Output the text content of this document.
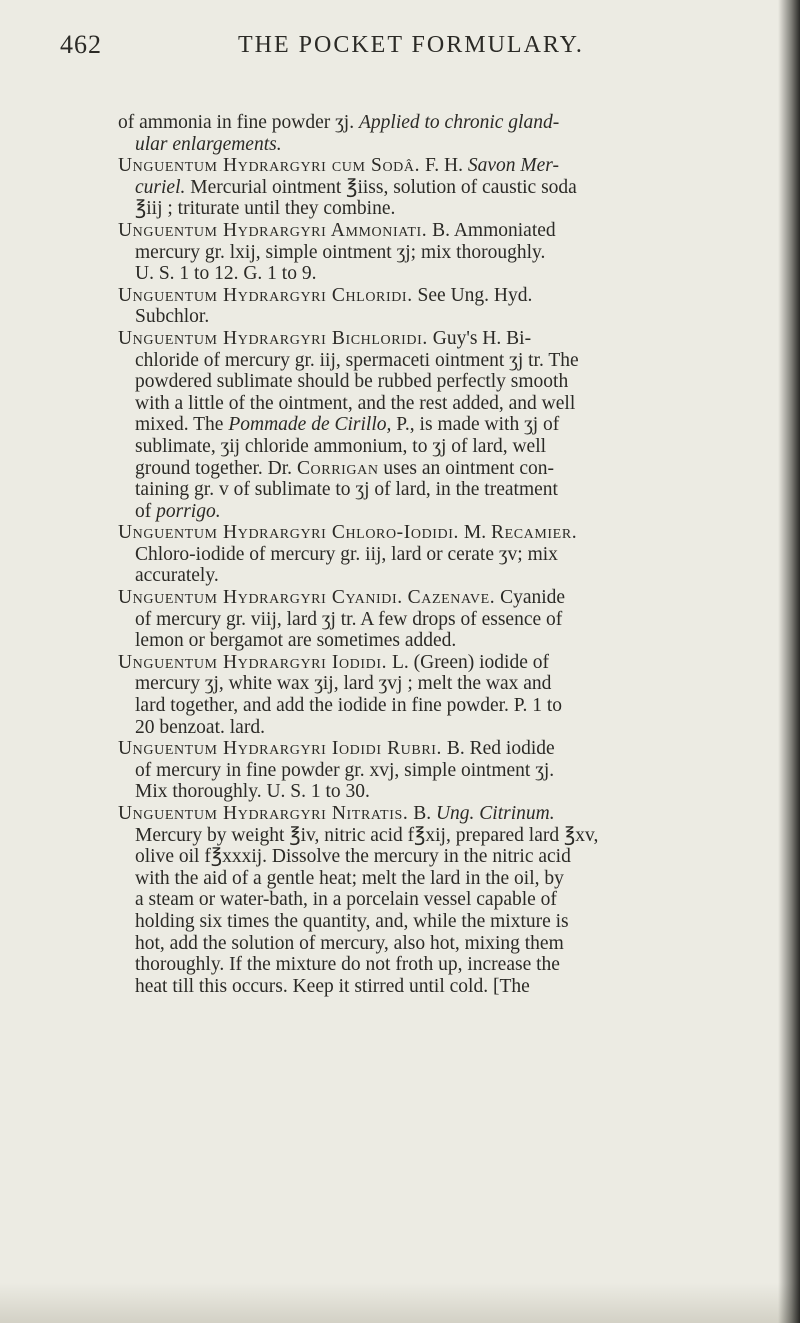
462	THE POCKET FORMULARY.
of ammonia in fine powder ʒj. Applied to chronic gland-
ular enlargements.
Unguentum Hydrargyri cum Sodâ. F. H. Savon Mer-
curiel. Mercurial ointment ℥iiss, solution of caustic soda
℥iij ; triturate until they combine.
Unguentum Hydrargyri Ammoniati. B. Ammoniated
mercury gr. lxij, simple ointment ʒj; mix thoroughly.
U. S. 1 to 12. G. 1 to 9.
Unguentum Hydrargyri Chloridi. See Ung. Hyd.
Subchlor.
Unguentum Hydrargyri Bichloridi. Guy's H. Bi-
chloride of mercury gr. iij, spermaceti ointment ʒj tr. The
powdered sublimate should be rubbed perfectly smooth
with a little of the ointment, and the rest added, and well
mixed. The Pommade de Cirillo, P., is made with ʒj of
sublimate, ʒij chloride ammonium, to ʒj of lard, well
ground together. Dr. Corrigan uses an ointment con-
taining gr. v of sublimate to ʒj of lard, in the treatment
of porrigo.
Unguentum Hydrargyri Chloro-Iodidi. M. Recamier.
Chloro-iodide of mercury gr. iij, lard or cerate ʒv; mix
accurately.
Unguentum Hydrargyri Cyanidi. Cazenave. Cyanide
of mercury gr. viij, lard ʒj tr. A few drops of essence of
lemon or bergamot are sometimes added.
Unguentum Hydrargyri Iodidi. L. (Green) iodide of
mercury ʒj, white wax ʒij, lard ʒvj ; melt the wax and
lard together, and add the iodide in fine powder. P. 1 to
20 benzoat. lard.
Unguentum Hydrargyri Iodidi Rubri. B. Red iodide
of mercury in fine powder gr. xvj, simple ointment ʒj.
Mix thoroughly. U. S. 1 to 30.
Unguentum Hydrargyri Nitratis. B. Ung. Citrinum.
Mercury by weight ℥iv, nitric acid f℥xij, prepared lard ℥xv,
olive oil f℥xxxij. Dissolve the mercury in the nitric acid
with the aid of a gentle heat; melt the lard in the oil, by
a steam or water-bath, in a porcelain vessel capable of
holding six times the quantity, and, while the mixture is
hot, add the solution of mercury, also hot, mixing them
thoroughly. If the mixture do not froth up, increase the
heat till this occurs. Keep it stirred until cold. [The
